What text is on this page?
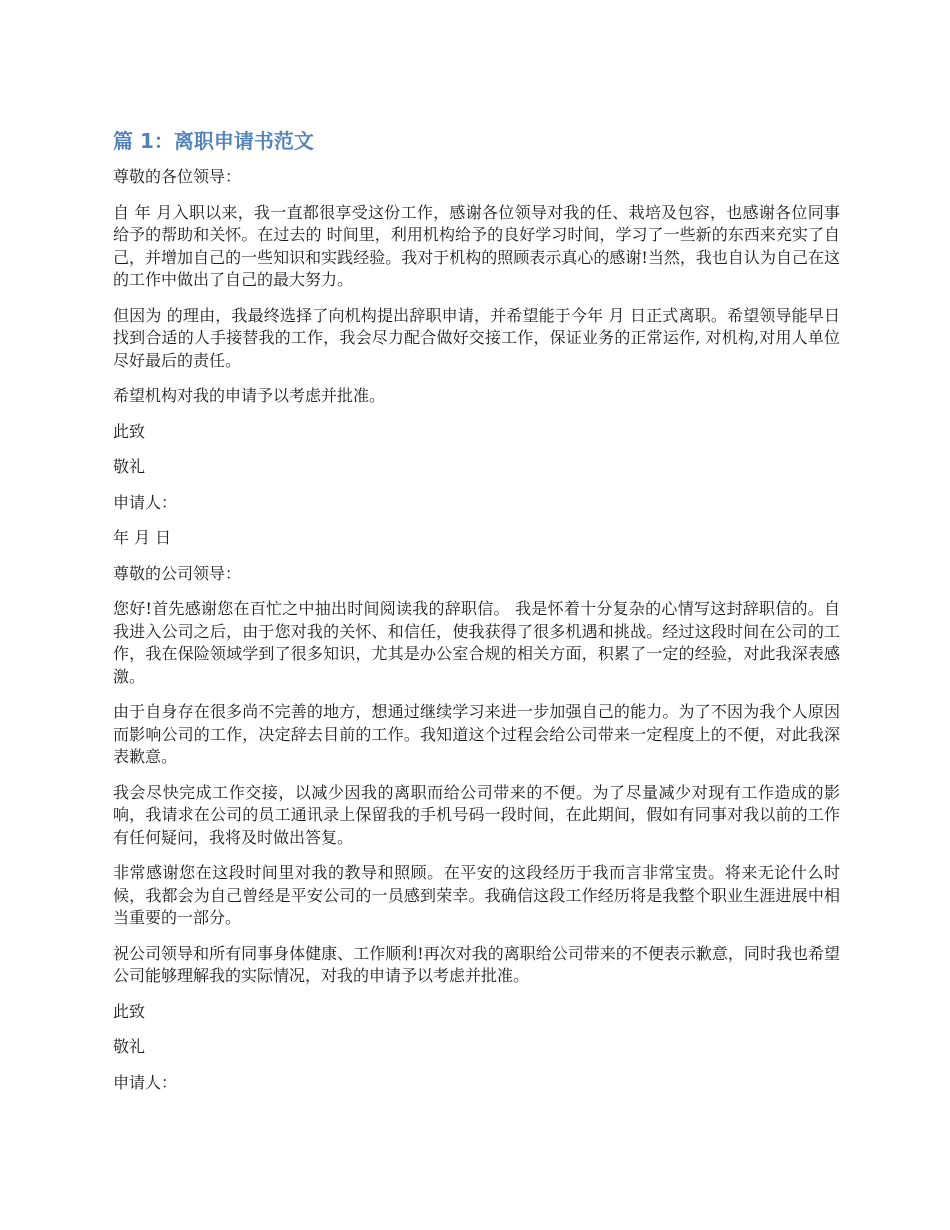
篇 1：离职申请书范文

尊敬的各位领导：

自 年 月入职以来，我一直都很享受这份工作，感谢各位领导对我的任、栽培及包容，也感谢各位同事给予的帮助和关怀。在过去的 时间里，利用机构给予的良好学习时间，学习了一些新的东西来充实了自己，并增加自己的一些知识和实践经验。我对于机构的照顾表示真心的感谢!当然，我也自认为自己在这 的工作中做出了自己的最大努力。

但因为 的理由，我最终选择了向机构提出辞职申请，并希望能于今年 月 日正式离职。希望领导能早日找到合适的人手接替我的工作，我会尽力配合做好交接工作，保证业务的正常运作, 对机构,对用人单位尽好最后的责任。

希望机构对我的申请予以考虑并批准。

此致

敬礼

申请人：

年 月 日

尊敬的公司领导：

您好!首先感谢您在百忙之中抽出时间阅读我的辞职信。 我是怀着十分复杂的心情写这封辞职信的。自我进入公司之后，由于您对我的关怀、和信任，使我获得了很多机遇和挑战。经过这段时间在公司的工作，我在保险领域学到了很多知识，尤其是办公室合规的相关方面，积累了一定的经验，对此我深表感激。

由于自身存在很多尚不完善的地方，想通过继续学习来进一步加强自己的能力。为了不因为我个人原因而影响公司的工作，决定辞去目前的工作。我知道这个过程会给公司带来一定程度上的不便，对此我深表歉意。

我会尽快完成工作交接，以减少因我的离职而给公司带来的不便。为了尽量减少对现有工作造成的影响，我请求在公司的员工通讯录上保留我的手机号码一段时间，在此期间，假如有同事对我以前的工作有任何疑问，我将及时做出答复。

非常感谢您在这段时间里对我的教导和照顾。在平安的这段经历于我而言非常宝贵。将来无论什么时候，我都会为自己曾经是平安公司的一员感到荣幸。我确信这段工作经历将是我整个职业生涯进展中相当重要的一部分。

祝公司领导和所有同事身体健康、工作顺利!再次对我的离职给公司带来的不便表示歉意，同时我也希望公司能够理解我的实际情况，对我的申请予以考虑并批准。

此致

敬礼

申请人：
